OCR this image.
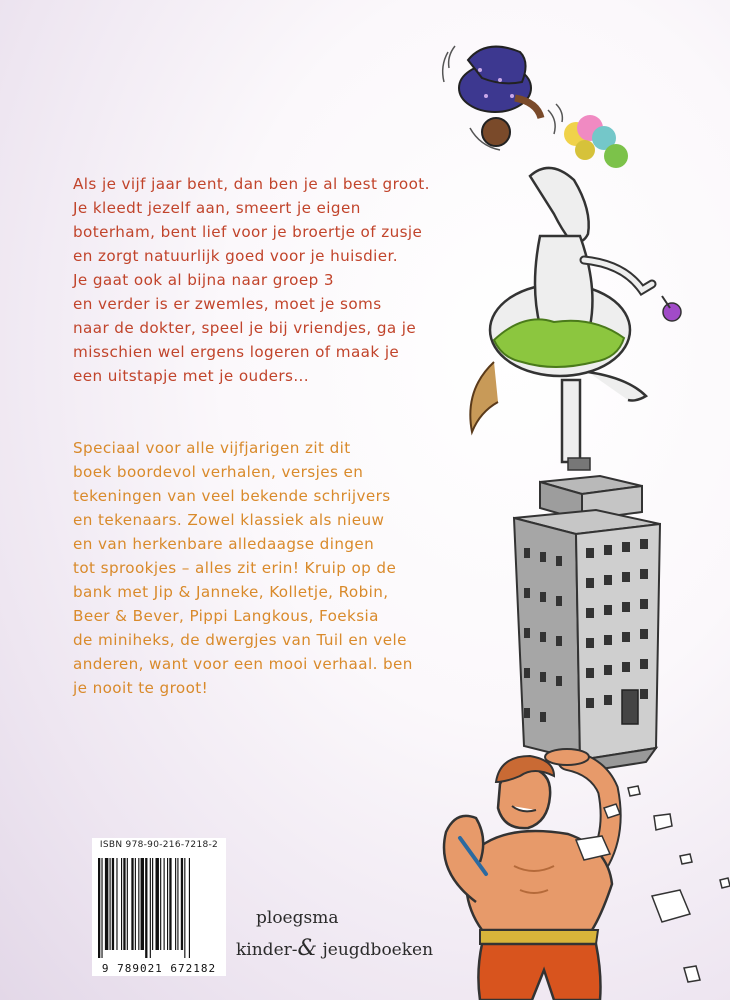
Als je vijf jaar bent, dan ben je al best groot.
Je kleedt jezelf aan, smeert je eigen
boterham, bent lief voor je broertje of zusje
en zorgt natuurlijk goed voor je huisdier.
Je gaat ook al bijna naar groep 3
en verder is er zwemles, moet je soms
naar de dokter, speel je bij vriendjes, ga je
misschien wel ergens logeren of maak je
een uitstapje met je ouders...

Speciaal voor alle vijfjarigen zit dit
boek boordevol verhalen, versjes en
tekeningen van veel bekende schrijvers
en tekenaars. Zowel klassiek als nieuw
en van herkenbare alledaagse dingen
tot sprookjes – alles zit erin! Kruip op de
bank met Jip & Janneke, Kolletje, Robin,
Beer & Bever, Pippi Langkous, Foeksia
de miniheks, de dwergjes van Tuil en vele
anderen, want voor een mooi verhaal. ben
je nooit te groot!

ISBN 978-90-216-7218-2
9 789021 672182
ploegsma
kinder-& jeugdboeken
